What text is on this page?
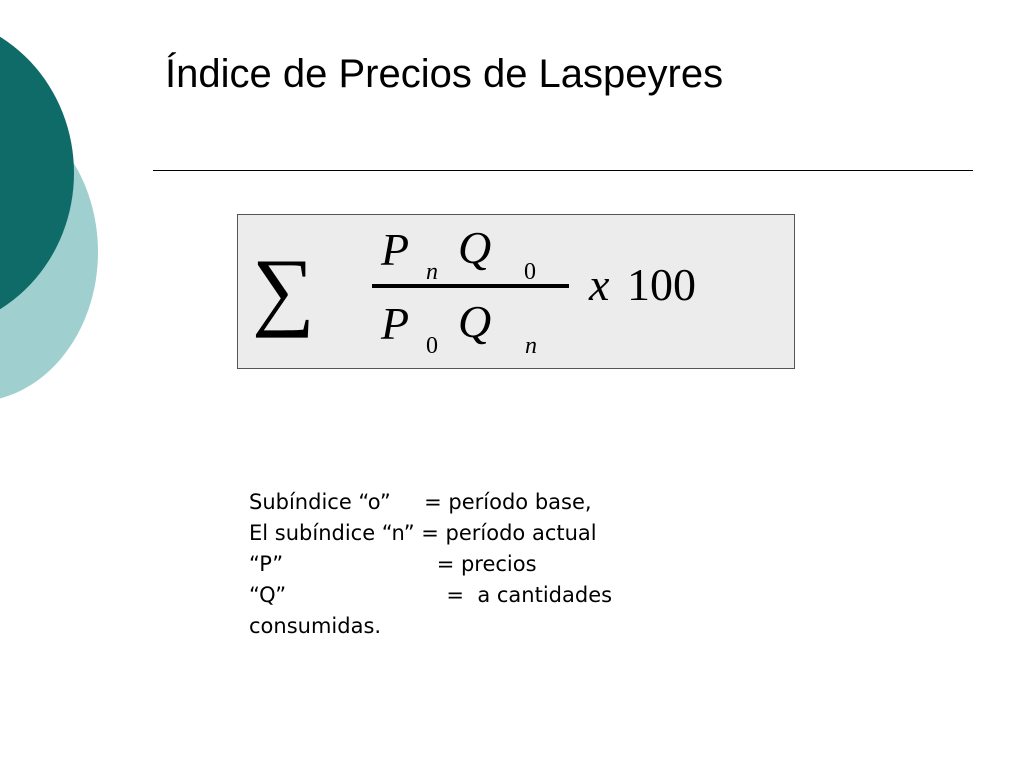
Índice de Precios de Laspeyres
∑ P n Q 0
P 0 Q n
x 100
Subíndice “o”     = período base,
El subíndice “n” = período actual
“P”                       = precios
“Q”                        =  a cantidades
consumidas.
